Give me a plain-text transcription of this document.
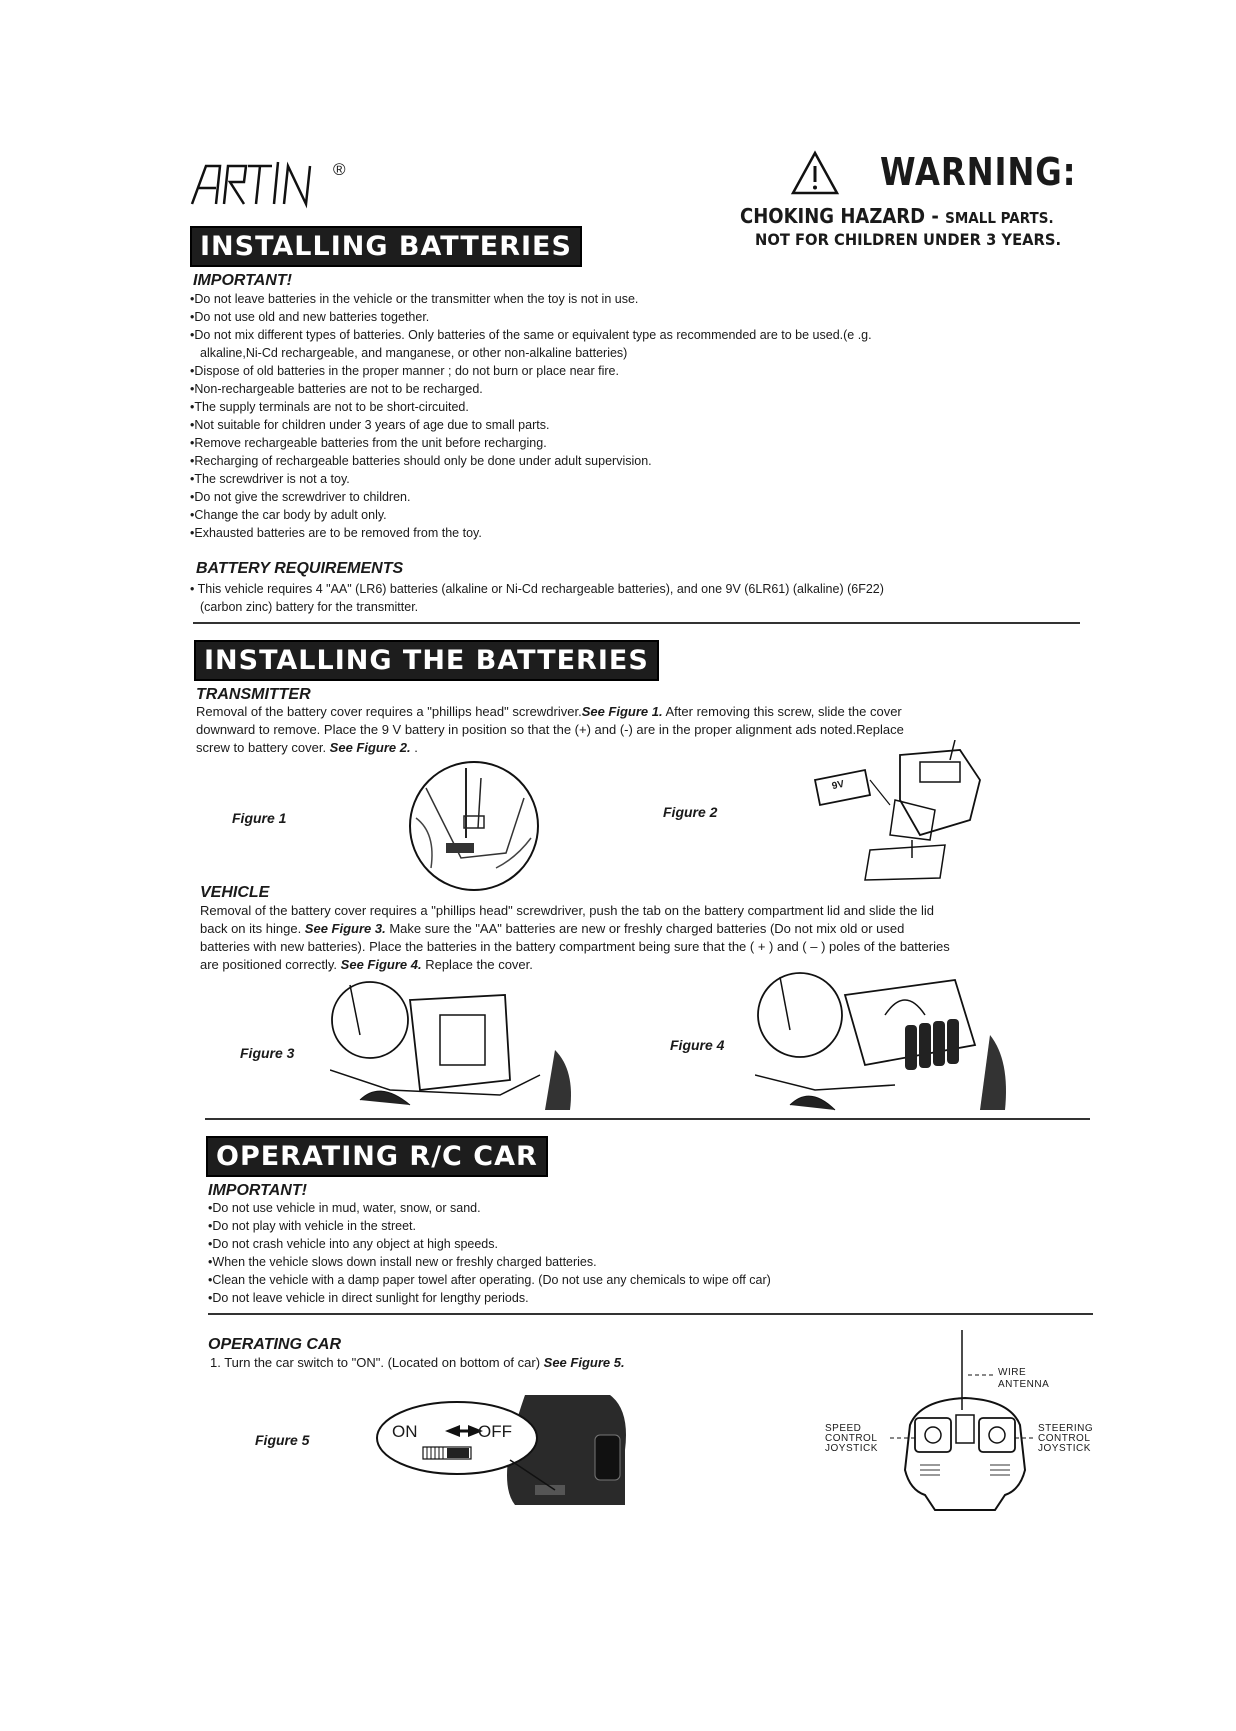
®	WARNING:
CHOKING HAZARD - SMALL PARTS.
NOT FOR CHILDREN UNDER 3 YEARS.
INSTALLING BATTERIES
IMPORTANT!
• Do not leave batteries in the vehicle or the transmitter when the toy is not in use.
• Do not use old and new batteries together.
• Do not mix different types of batteries. Only batteries of the same or equivalent type as recommended are to be used.(e .g.
alkaline,Ni-Cd rechargeable, and manganese, or other non-alkaline batteries)
• Dispose of old batteries in the proper manner ; do not burn or place near fire.
• Non-rechargeable batteries are not to be recharged.
• The supply terminals are not to be short-circuited.
• Not suitable for children under 3 years of age due to small parts.
• Remove rechargeable batteries from the unit before recharging.
• Recharging of rechargeable batteries should only be done under adult supervision.
• The screwdriver is not a toy.
• Do not give the screwdriver to children.
• Change the car body by adult only.
• Exhausted batteries are to be removed from the toy.
BATTERY REQUIREMENTS
• This vehicle requires 4 "AA" (LR6) batteries (alkaline or Ni-Cd rechargeable batteries), and one 9V (6LR61) (alkaline) (6F22)
(carbon zinc) battery for the transmitter.
INSTALLING THE BATTERIES
TRANSMITTER
Removal of the battery cover requires a "phillips head" screwdriver.See Figure 1. After removing this screw, slide the cover
downward to remove. Place the 9 V battery in position so that the (+) and (-) are in the proper alignment ads noted.Replace
screw to battery cover. See Figure 2. .
Figure 1	Figure 2
9V
VEHICLE
Removal of the battery cover requires a "phillips head" screwdriver, push the tab on the battery compartment lid and slide the lid
back on its hinge. See Figure 3. Make sure the "AA" batteries are new or freshly charged batteries (Do not mix old or used
batteries with new batteries). Place the batteries in the battery compartment being sure that the ( + ) and ( – ) poles of the batteries
are positioned correctly. See Figure 4. Replace the cover.
Figure 3	Figure 4
OPERATING R/C CAR
IMPORTANT!
• Do not use vehicle in mud, water, snow, or sand.
• Do not play with vehicle in the street.
• Do not crash vehicle into any object at high speeds.
• When the vehicle slows down install new or freshly charged batteries.
• Clean the vehicle with a damp paper towel after operating. (Do not use any chemicals to wipe off car)
• Do not leave vehicle in direct sunlight for lengthy periods.
OPERATING CAR
1. Turn the car switch to "ON". (Located on bottom of car) See Figure 5.
Figure 5	ON	OFF
WIRE
ANTENNA
SPEED
CONTROL
JOYSTICK
STEERING
CONTROL
JOYSTICK
